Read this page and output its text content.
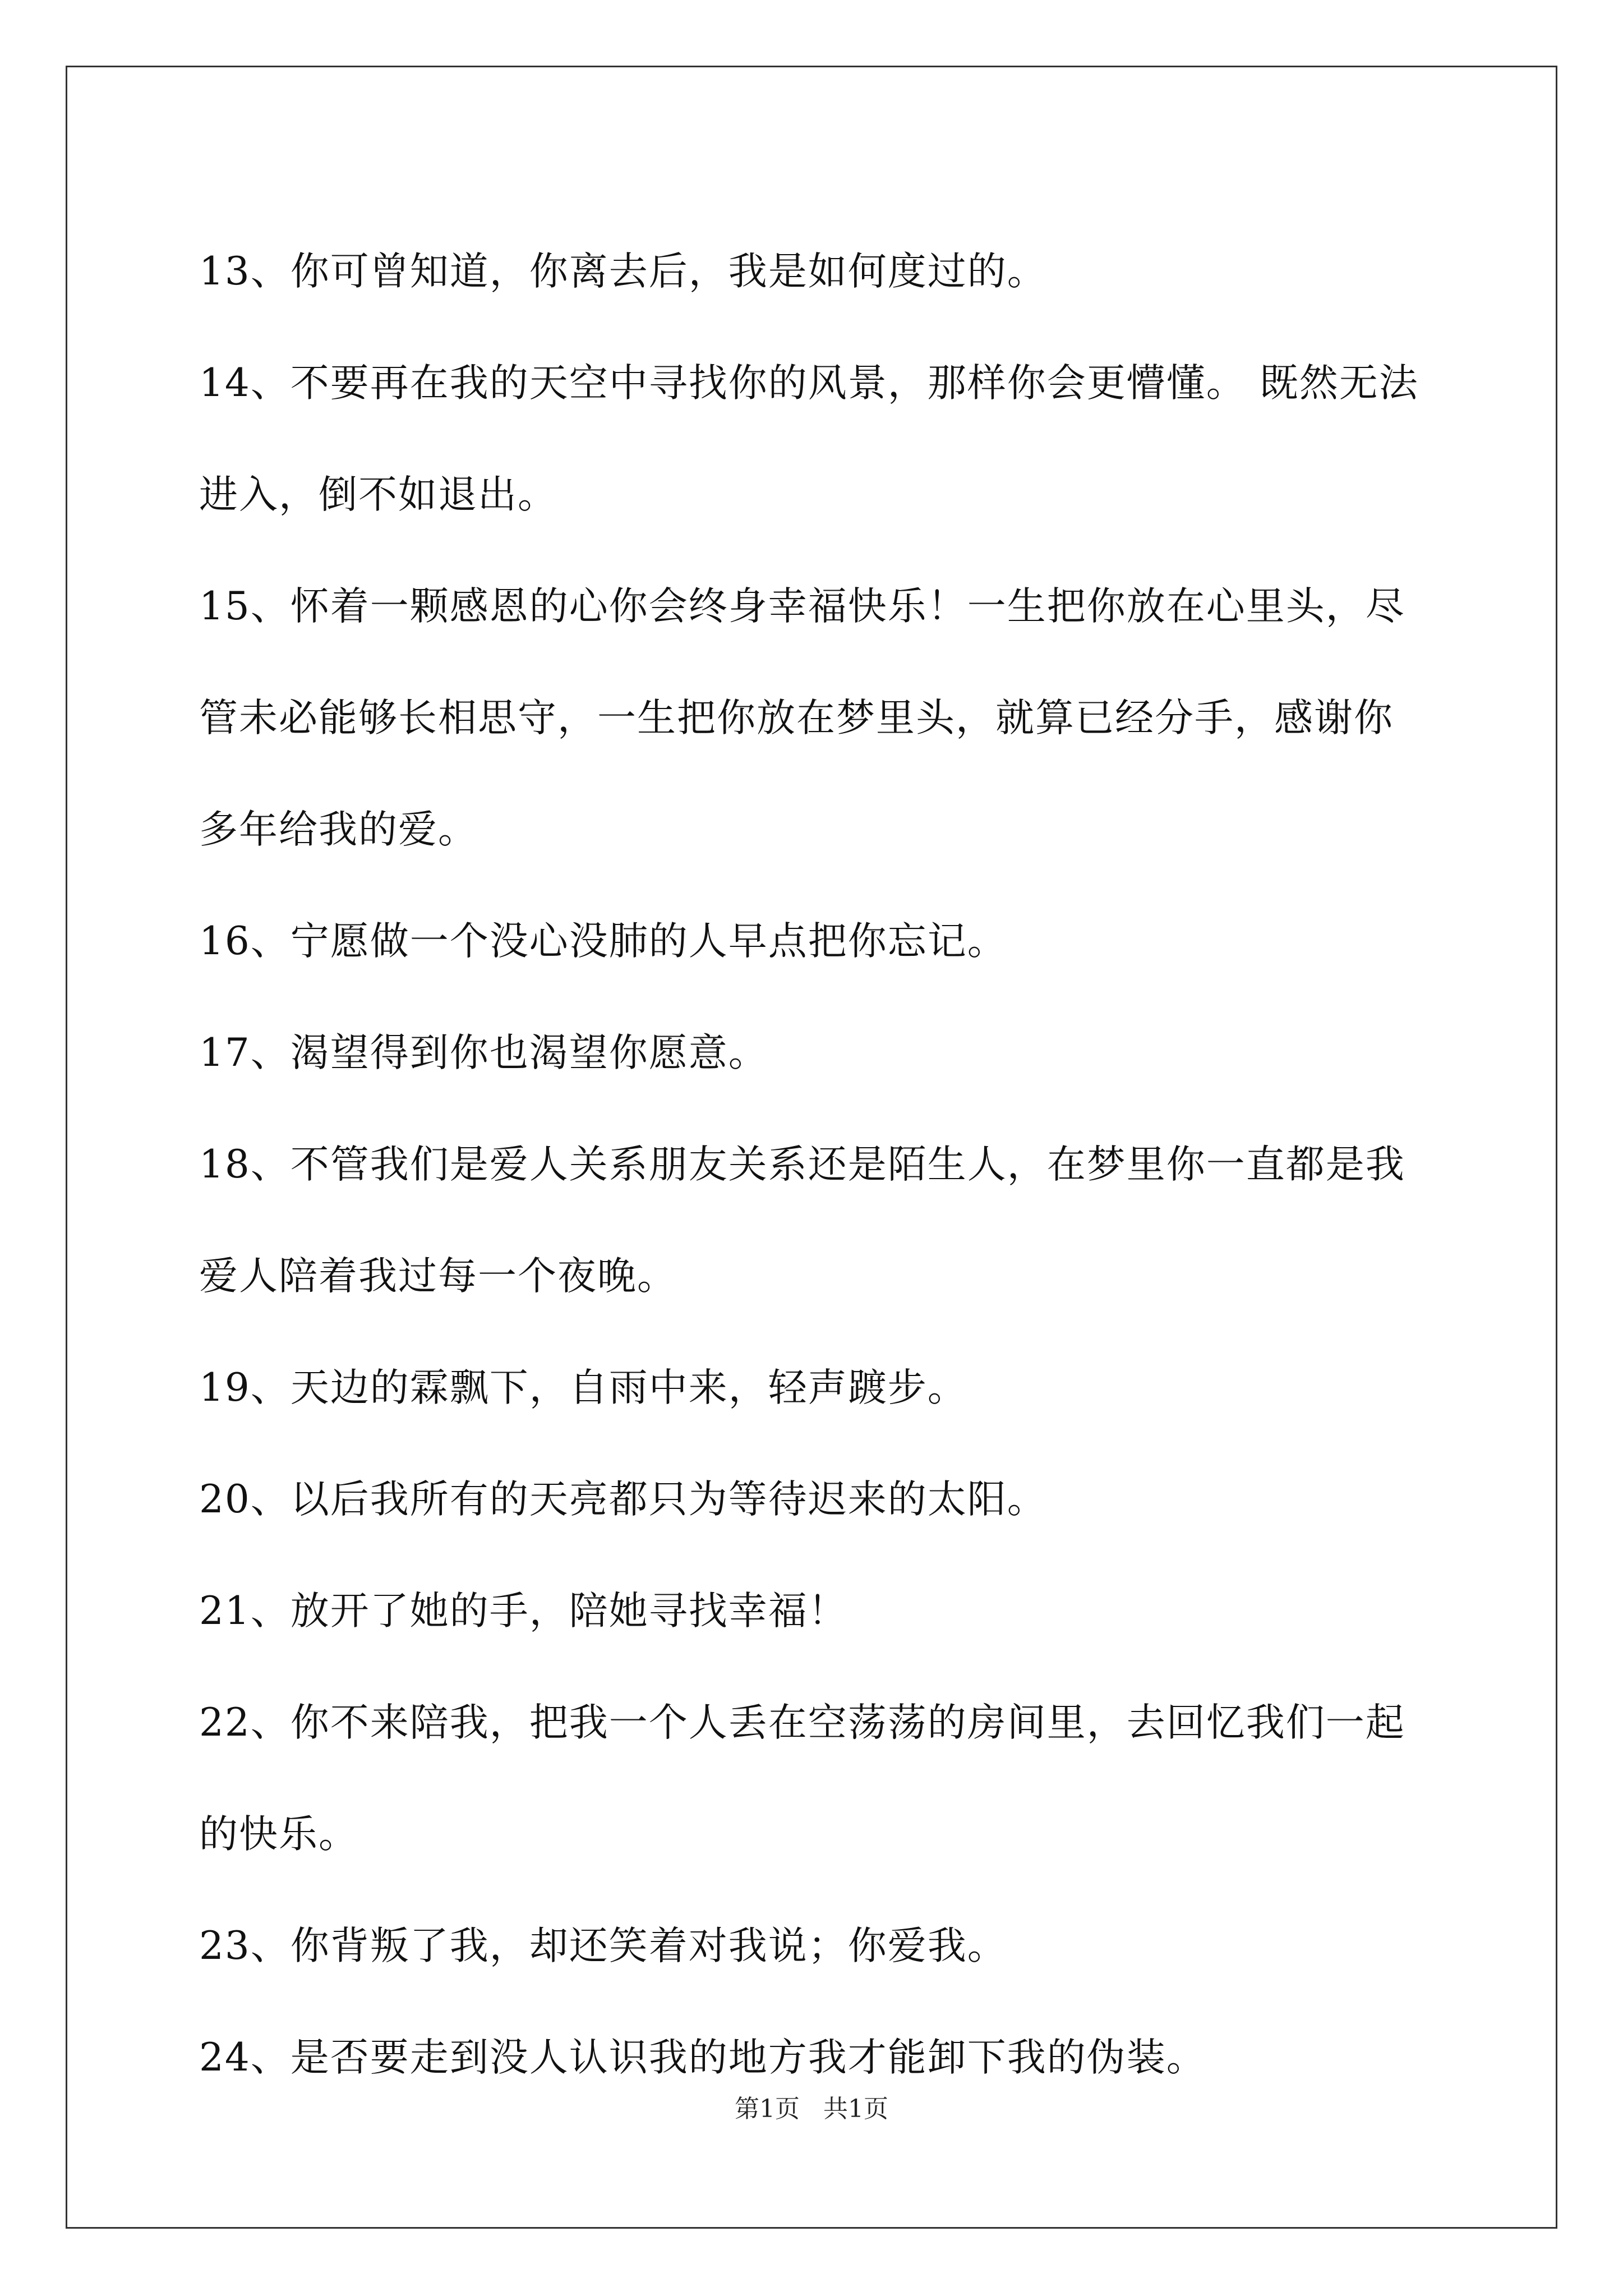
13、你可曾知道，你离去后，我是如何度过的。
14、不要再在我的天空中寻找你的风景，那样你会更懵懂。 既然无法
进入，倒不如退出。
15、怀着一颗感恩的心你会终身幸福快乐！一生把你放在心里头，尽
管未必能够长相思守，一生把你放在梦里头，就算已经分手，感谢你
多年给我的爱。
16、宁愿做一个没心没肺的人早点把你忘记。
17、渴望得到你也渴望你愿意。
18、不管我们是爱人关系朋友关系还是陌生人，在梦里你一直都是我
爱人陪着我过每一个夜晚。
19、天边的霖飘下，自雨中来，轻声踱步。
20、以后我所有的天亮都只为等待迟来的太阳。
21、放开了她的手，陪她寻找幸福！
22、你不来陪我，把我一个人丢在空荡荡的房间里，去回忆我们一起
的快乐。
23、你背叛了我，却还笑着对我说；你爱我。
24、是否要走到没人认识我的地方我才能卸下我的伪装。
第1页 共1页
